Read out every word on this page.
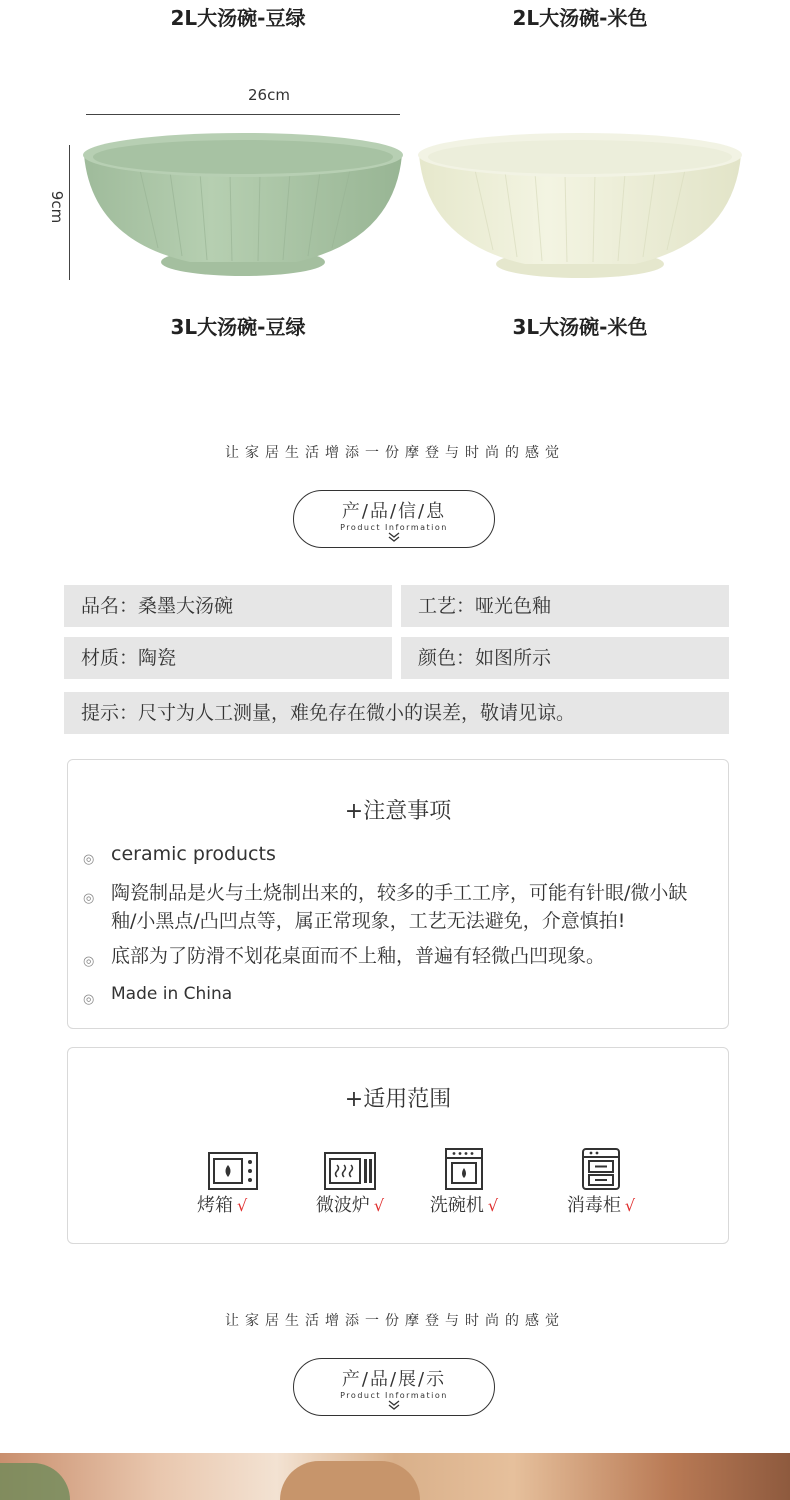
2L大汤碗-豆绿	2L大汤碗-米色
26cm
9cm
3L大汤碗-豆绿	3L大汤碗-米色
让家居生活增添一份摩登与时尚的感觉
产/品/信/息
Product Information
品名：桑墨大汤碗	工艺：哑光色釉
材质：陶瓷	颜色：如图所示
提示：尺寸为人工测量，难免存在微小的误差，敬请见谅。
+注意事项
◎ ceramic products
◎ 陶瓷制品是火与土烧制出来的，较多的手工工序，可能有针眼/微小缺釉/小黑点/凸凹点等，属正常现象，工艺无法避免，介意慎拍!
◎ 底部为了防滑不划花桌面而不上釉，普遍有轻微凸凹现象。
◎ Made in China
+适用范围
烤箱 √	微波炉 √	洗碗机 √	消毒柜 √
让家居生活增添一份摩登与时尚的感觉
产/品/展/示
Product Information
